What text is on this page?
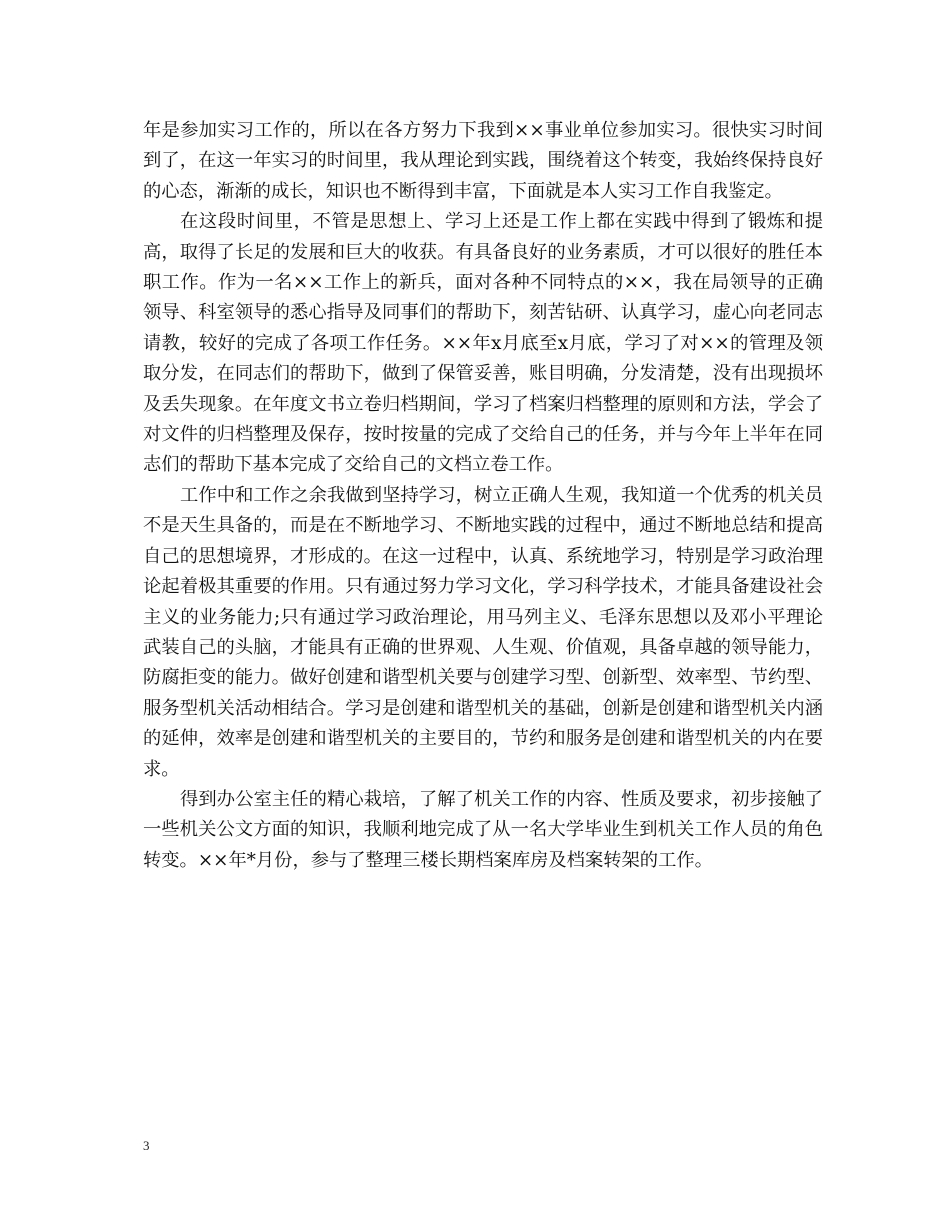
年是参加实习工作的，所以在各方努力下我到××事业单位参加实习。很快实习时间到了，在这一年实习的时间里，我从理论到实践，围绕着这个转变，我始终保持良好的心态，渐渐的成长，知识也不断得到丰富，下面就是本人实习工作自我鉴定。

在这段时间里，不管是思想上、学习上还是工作上都在实践中得到了锻炼和提高，取得了长足的发展和巨大的收获。有具备良好的业务素质，才可以很好的胜任本职工作。作为一名××工作上的新兵，面对各种不同特点的××，我在局领导的正确领导、科室领导的悉心指导及同事们的帮助下，刻苦钻研、认真学习，虚心向老同志请教，较好的完成了各项工作任务。××年x月底至x月底，学习了对××的管理及领取分发，在同志们的帮助下，做到了保管妥善，账目明确，分发清楚，没有出现损坏及丢失现象。在年度文书立卷归档期间，学习了档案归档整理的原则和方法，学会了对文件的归档整理及保存，按时按量的完成了交给自己的任务，并与今年上半年在同志们的帮助下基本完成了交给自己的文档立卷工作。

工作中和工作之余我做到坚持学习，树立正确人生观，我知道一个优秀的机关员不是天生具备的，而是在不断地学习、不断地实践的过程中，通过不断地总结和提高自己的思想境界，才形成的。在这一过程中，认真、系统地学习，特别是学习政治理论起着极其重要的作用。只有通过努力学习文化，学习科学技术，才能具备建设社会主义的业务能力;只有通过学习政治理论，用马列主义、毛泽东思想以及邓小平理论武装自己的头脑，才能具有正确的世界观、人生观、价值观，具备卓越的领导能力，防腐拒变的能力。做好创建和谐型机关要与创建学习型、创新型、效率型、节约型、服务型机关活动相结合。学习是创建和谐型机关的基础，创新是创建和谐型机关内涵的延伸，效率是创建和谐型机关的主要目的，节约和服务是创建和谐型机关的内在要求。

得到办公室主任的精心栽培，了解了机关工作的内容、性质及要求，初步接触了一些机关公文方面的知识，我顺利地完成了从一名大学毕业生到机关工作人员的角色转变。××年*月份，参与了整理三楼长期档案库房及档案转架的工作。

3
